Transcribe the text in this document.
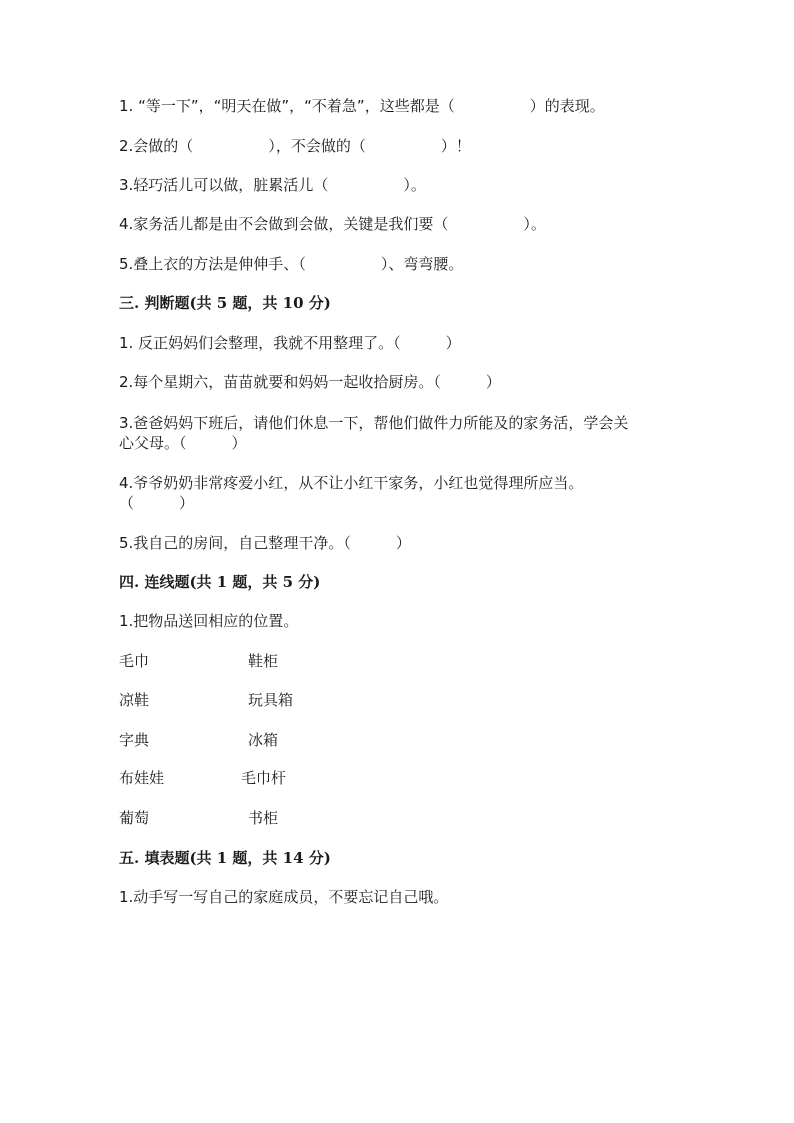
1. “等一下”，“明天在做”，“不着急”，这些都是（　　　　　）的表现。
2.会做的（　　　　　），不会做的（　　　　　）！
3.轻巧活儿可以做，脏累活儿（　　　　　）。
4.家务活儿都是由不会做到会做，关键是我们要（　　　　　）。
5.叠上衣的方法是伸伸手、（　　　　　）、弯弯腰。
三. 判断题(共 5 题，共 10 分)
1. 反正妈妈们会整理，我就不用整理了。（　　　）
2.每个星期六，苗苗就要和妈妈一起收拾厨房。（　　　）
3.爸爸妈妈下班后，请他们休息一下，帮他们做件力所能及的家务活，学会关
心父母。（　　　）
4.爷爷奶奶非常疼爱小红，从不让小红干家务，小红也觉得理所应当。
（　　　）
5.我自己的房间，自己整理干净。（　　　）
四. 连线题(共 1 题，共 5 分)
1.把物品送回相应的位置。
毛巾	鞋柜
凉鞋	玩具箱
字典	冰箱
布娃娃	毛巾杆
葡萄	书柜
五. 填表题(共 1 题，共 14 分)
1.动手写一写自己的家庭成员，不要忘记自己哦。
